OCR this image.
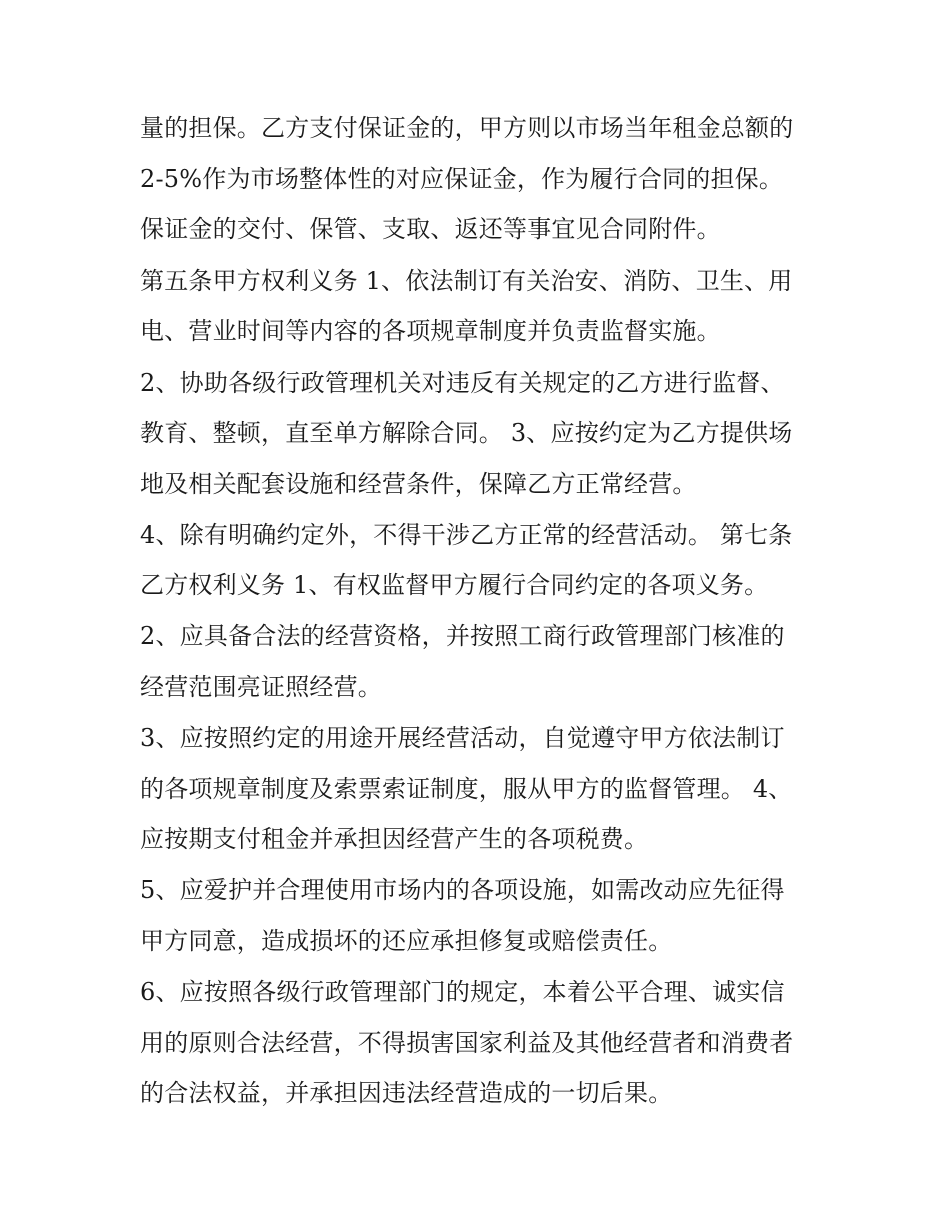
量的担保。乙方支付保证金的，甲方则以市场当年租金总额的
2-5%作为市场整体性的对应保证金，作为履行合同的担保。
保证金的交付、保管、支取、返还等事宜见合同附件。
第五条甲方权利义务 1、依法制订有关治安、消防、卫生、用
电、营业时间等内容的各项规章制度并负责监督实施。
2、协助各级行政管理机关对违反有关规定的乙方进行监督、
教育、整顿，直至单方解除合同。 3、应按约定为乙方提供场
地及相关配套设施和经营条件，保障乙方正常经营。
4、除有明确约定外，不得干涉乙方正常的经营活动。 第七条
乙方权利义务 1、有权监督甲方履行合同约定的各项义务。
2、应具备合法的经营资格，并按照工商行政管理部门核准的
经营范围亮证照经营。
3、应按照约定的用途开展经营活动，自觉遵守甲方依法制订
的各项规章制度及索票索证制度，服从甲方的监督管理。 4、
应按期支付租金并承担因经营产生的各项税费。
5、应爱护并合理使用市场内的各项设施，如需改动应先征得
甲方同意，造成损坏的还应承担修复或赔偿责任。
6、应按照各级行政管理部门的规定，本着公平合理、诚实信
用的原则合法经营，不得损害国家利益及其他经营者和消费者
的合法权益，并承担因违法经营造成的一切后果。
